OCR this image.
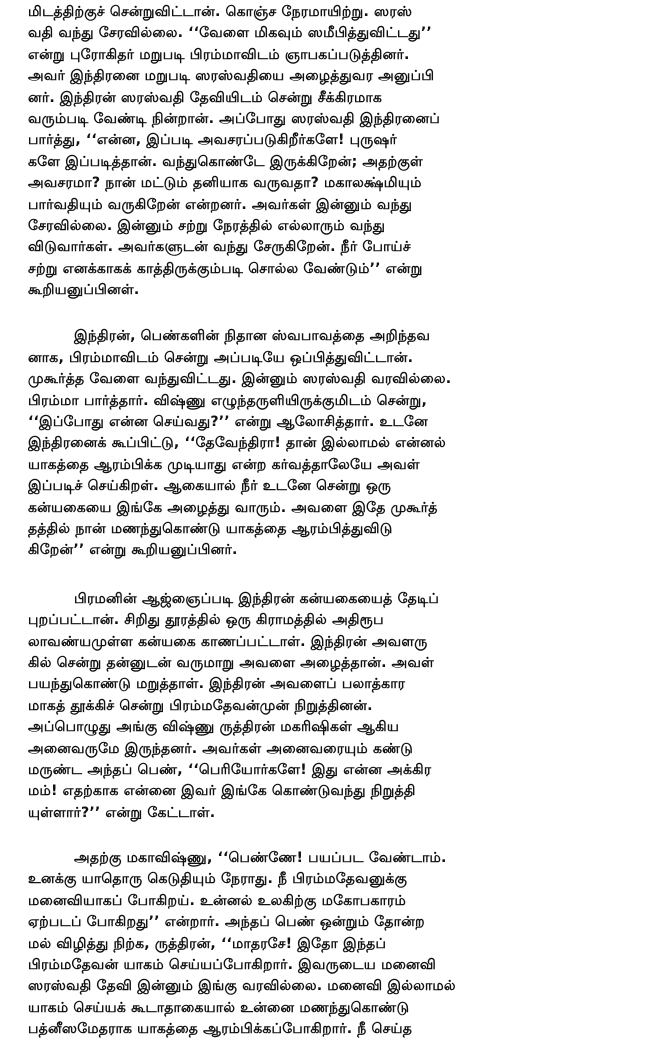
மிடத்திற்குச் சென்றுவிட்டான். கொஞ்ச நேரமாயிற்று. ஸரஸ்
வதி வந்து சேரவில்லை. ‘‘வேளை மிகவும் ஸமீபித்துவிட்டது’’
என்று புரோகிதர் மறுபடி பிரம்மாவிடம் ஞாபகப்படுத்தினர்.
அவர் இந்திரனை மறுபடி ஸரஸ்வதியை அழைத்துவர அனுப்பி
னர். இந்திரன் ஸரஸ்வதி தேவியிடம் சென்று சீக்கிரமாக
வரும்படி வேண்டி நின்றான். அப்போது ஸரஸ்வதி இந்திரனைப்
பார்த்து, ‘‘என்ன, இப்படி அவசரப்படுகிறீர்களே! புருஷர்
களே இப்படித்தான். வந்துகொண்டே இருக்கிறேன்; அதற்குள்
அவசரமா? நான் மட்டும் தனியாக வருவதா? மகாலக்ஷ்மியும்
பார்வதியும் வருகிறேன் என்றனர். அவர்கள் இன்னும் வந்து
சேரவில்லை. இன்னும் சற்று நேரத்தில் எல்லாரும் வந்து
விடுவார்கள். அவர்களுடன் வந்து சேருகிறேன். நீர் போய்ச்
சற்று எனக்காகக் காத்திருக்கும்படி சொல்ல வேண்டும்’’ என்று
கூறியனுப்பினள்.
இந்திரன், பெண்களின் நிதான ஸ்வபாவத்தை அறிந்தவ
னாக, பிரம்மாவிடம் சென்று அப்படியே ஒப்பித்துவிட்டான்.
முகூர்த்த வேளை வந்துவிட்டது. இன்னும் ஸரஸ்வதி வரவில்லை.
பிரம்மா பார்த்தார். விஷ்ணு எழுந்தருளியிருக்குமிடம் சென்று,
‘‘இப்போது என்ன செய்வது?’’ என்று ஆலோசித்தார். உடனே
இந்திரனைக் கூப்பிட்டு, ‘‘தேவேந்திரா! தான் இல்லாமல் என்னல்
யாகத்தை ஆரம்பிக்க முடியாது என்ற கர்வத்தாலேயே அவள்
இப்படிச் செய்கிறள். ஆகையால் நீர் உடனே சென்று ஒரு
கன்யகையை இங்கே அழைத்து வாரும். அவளை இதே முகூர்த்
தத்தில் நான் மணந்துகொண்டு யாகத்தை ஆரம்பித்துவிடு
கிறேன்’’ என்று கூறியனுப்பினர்.
பிரமனின் ஆஜ்ஞைப்படி இந்திரன் கன்யகையைத் தேடிப்
புறப்பட்டான். சிறிது தூரத்தில் ஒரு கிராமத்தில் அதிரூப
லாவண்யமுள்ள கன்யகை காணப்பட்டாள். இந்திரன் அவளரு
கில் சென்று தன்னுடன் வருமாறு அவளை அழைத்தான். அவள்
பயந்துகொண்டு மறுத்தாள். இந்திரன் அவளைப் பலாத்கார
மாகத் தூக்கிச் சென்று பிரம்மதேவன்முன் நிறுத்தினன்.
அப்பொழுது அங்கு விஷ்ணு ருத்திரன் மகரிஷிகள் ஆகிய
அனைவருமே இருந்தனர். அவர்கள் அனைவரையும் கண்டு
மருண்ட அந்தப் பெண், ‘‘பெரியோர்களே! இது என்ன அக்கிர
மம்! எதற்காக என்னை இவர் இங்கே கொண்டுவந்து நிறுத்தி
யுள்ளார்?’’ என்று கேட்டாள்.
அதற்கு மகாவிஷ்ணு, ‘‘பெண்ணே! பயப்பட வேண்டாம்.
உனக்கு யாதொரு கெடுதியும் நேராது. நீ பிரம்மதேவனுக்கு
மனைவியாகப் போகிறய். உன்னல் உலகிற்கு மகோபகாரம்
ஏற்படப் போகிறது’’ என்றார். அந்தப் பெண் ஒன்றும் தோன்ற
மல் விழித்து நிற்க, ருத்திரன், ‘‘மாதரசே! இதோ இந்தப்
பிரம்மதேவன் யாகம் செய்யப்போகிறார். இவருடைய மனைவி
ஸரஸ்வதி தேவி இன்னும் இங்கு வரவில்லை. மனைவி இல்லாமல்
யாகம் செய்யக் கூடாதாகையால் உன்னை மணந்துகொண்டு
பத்னீஸமேதராக யாகத்தை ஆரம்பிக்கப்போகிறார். நீ செய்த
